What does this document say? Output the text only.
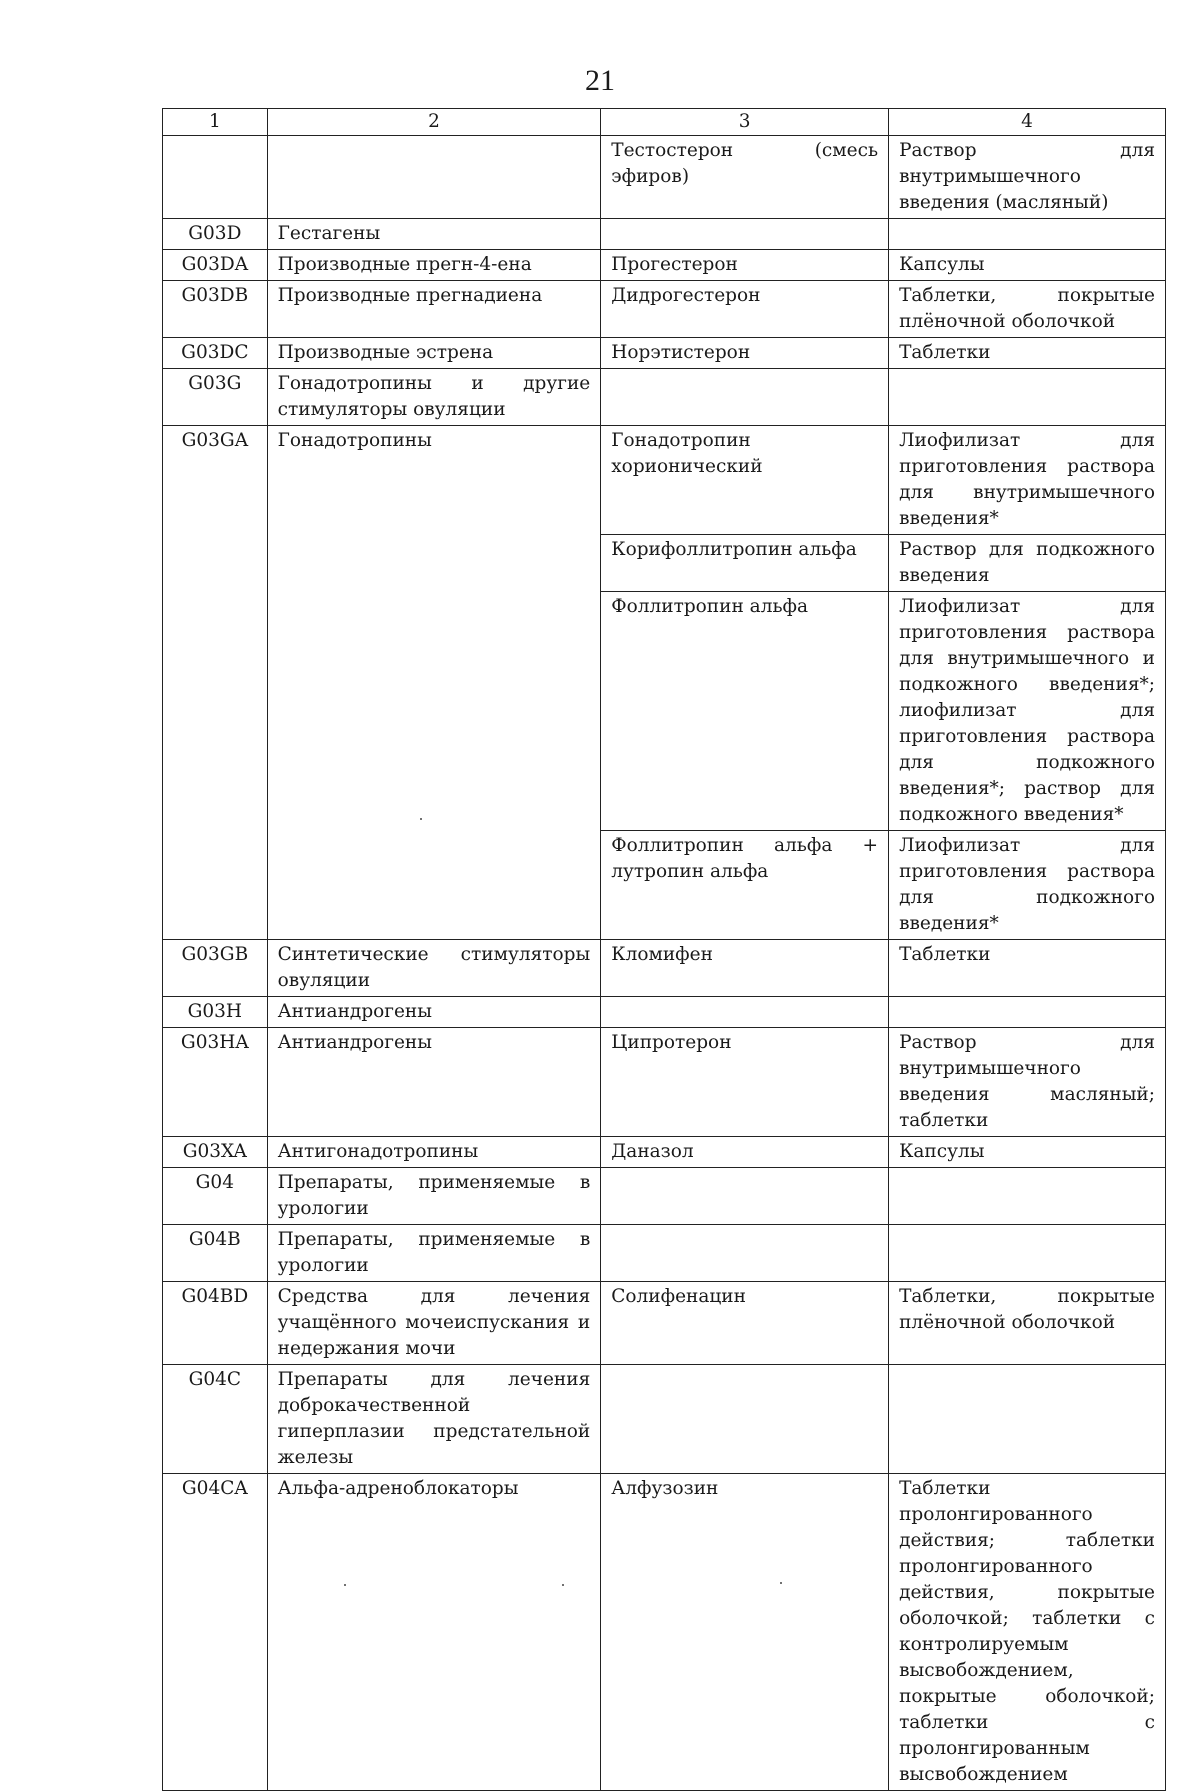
21
1	2	3	4
		Тестостерон (смесь эфиров)	Раствор для внутримышечного введения (масляный)
G03D	Гестагены		
G03DA	Производные прегн-4-ена	Прогестерон	Капсулы
G03DB	Производные прегнадиена	Дидрогестерон	Таблетки, покрытые плёночной оболочкой
G03DC	Производные эстрена	Норэтистерон	Таблетки
G03G	Гонадотропины и другие стимуляторы овуляции		
G03GA	Гонадотропины	Гонадотропин хорионический	Лиофилизат для приготовления раствора для внутримышечного введения*
		Корифоллитропин альфа	Раствор для подкожного введения
		Фоллитропин альфа	Лиофилизат для приготовления раствора для внутримышечного и подкожного введения*; лиофилизат для приготовления раствора для подкожного введения*; раствор для подкожного введения*
		Фоллитропин альфа + лутропин альфа	Лиофилизат для приготовления раствора для подкожного введения*
G03GB	Синтетические стимуляторы овуляции	Кломифен	Таблетки
G03H	Антиандрогены		
G03HA	Антиандрогены	Ципротерон	Раствор для внутримышечного введения масляный; таблетки
G03XA	Антигонадотропины	Даназол	Капсулы
G04	Препараты, применяемые в урологии		
G04B	Препараты, применяемые в урологии		
G04BD	Средства для лечения учащённого мочеиспускания и недержания мочи	Солифенацин	Таблетки, покрытые плёночной оболочкой
G04C	Препараты для лечения доброкачественной гиперплазии предстательной железы		
G04CA	Альфа-адреноблокаторы	Алфузозин	Таблетки пролонгированного действия; таблетки пролонгированного действия, покрытые оболочкой; таблетки с контролируемым высвобождением, покрытые оболочкой; таблетки с пролонгированным высвобождением
